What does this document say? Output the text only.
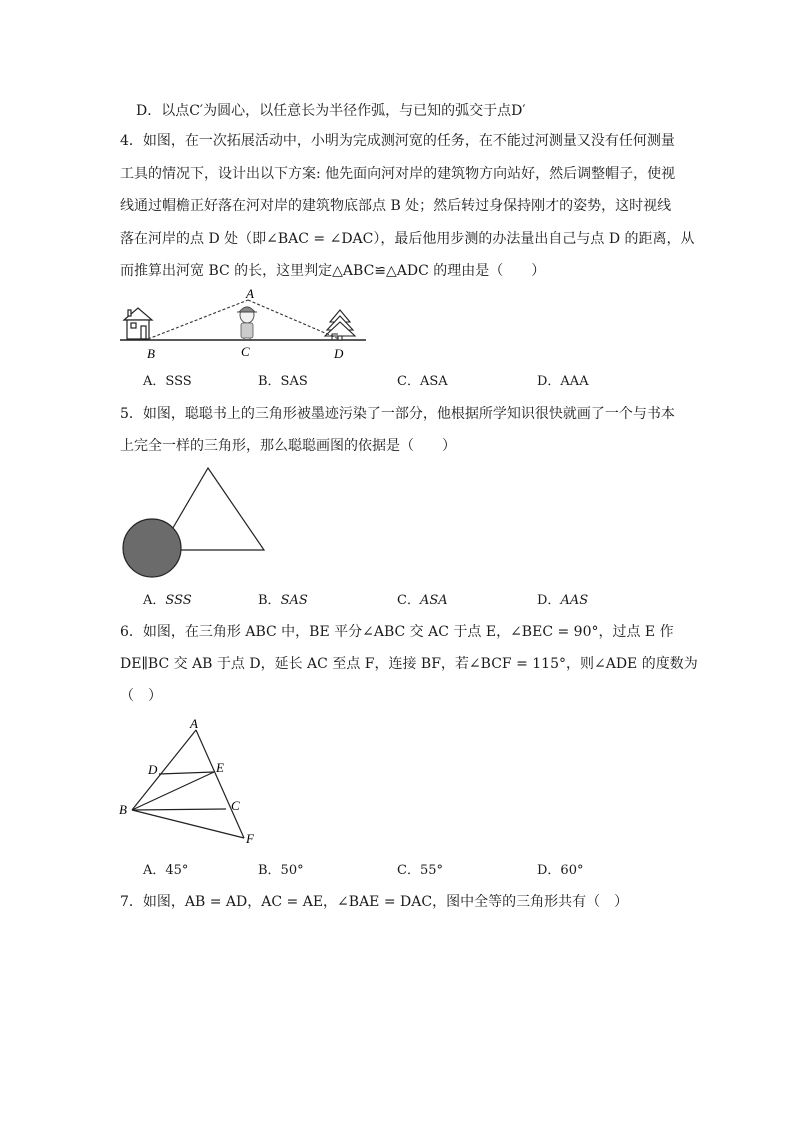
D．以点C′为圆心，以任意长为半径作弧，与已知的弧交于点D′
4．如图，在一次拓展活动中，小明为完成测河宽的任务，在不能过河测量又没有任何测量
工具的情况下，设计出以下方案: 他先面向河对岸的建筑物方向站好，然后调整帽子，使视
线通过帽檐正好落在河对岸的建筑物底部点 B 处；然后转过身保持刚才的姿势，这时视线
落在河岸的点 D 处（即∠BAC = ∠DAC），最后他用步测的办法量出自己与点 D 的距离，从
而推算出河宽 BC 的长，这里判定△ABC≌△ADC 的理由是（　　）
A
B	C	D
A．SSS	B．SAS	C．ASA	D．AAA
5．如图，聪聪书上的三角形被墨迹污染了一部分，他根据所学知识很快就画了一个与书本
上完全一样的三角形，那么聪聪画图的依据是（　　）
A．SSS	B．SAS	C．ASA	D．AAS
6．如图，在三角形 ABC 中，BE 平分∠ABC 交 AC 于点 E，∠BEC = 90°，过点 E 作
DE∥BC 交 AB 于点 D，延长 AC 至点 F，连接 BF，若∠BCF = 115°，则∠ADE 的度数为
（　）
A
D	E
B	C
F
A．45°	B．50°	C．55°	D．60°
7．如图，AB = AD，AC = AE，∠BAE = DAC，图中全等的三角形共有（　）
